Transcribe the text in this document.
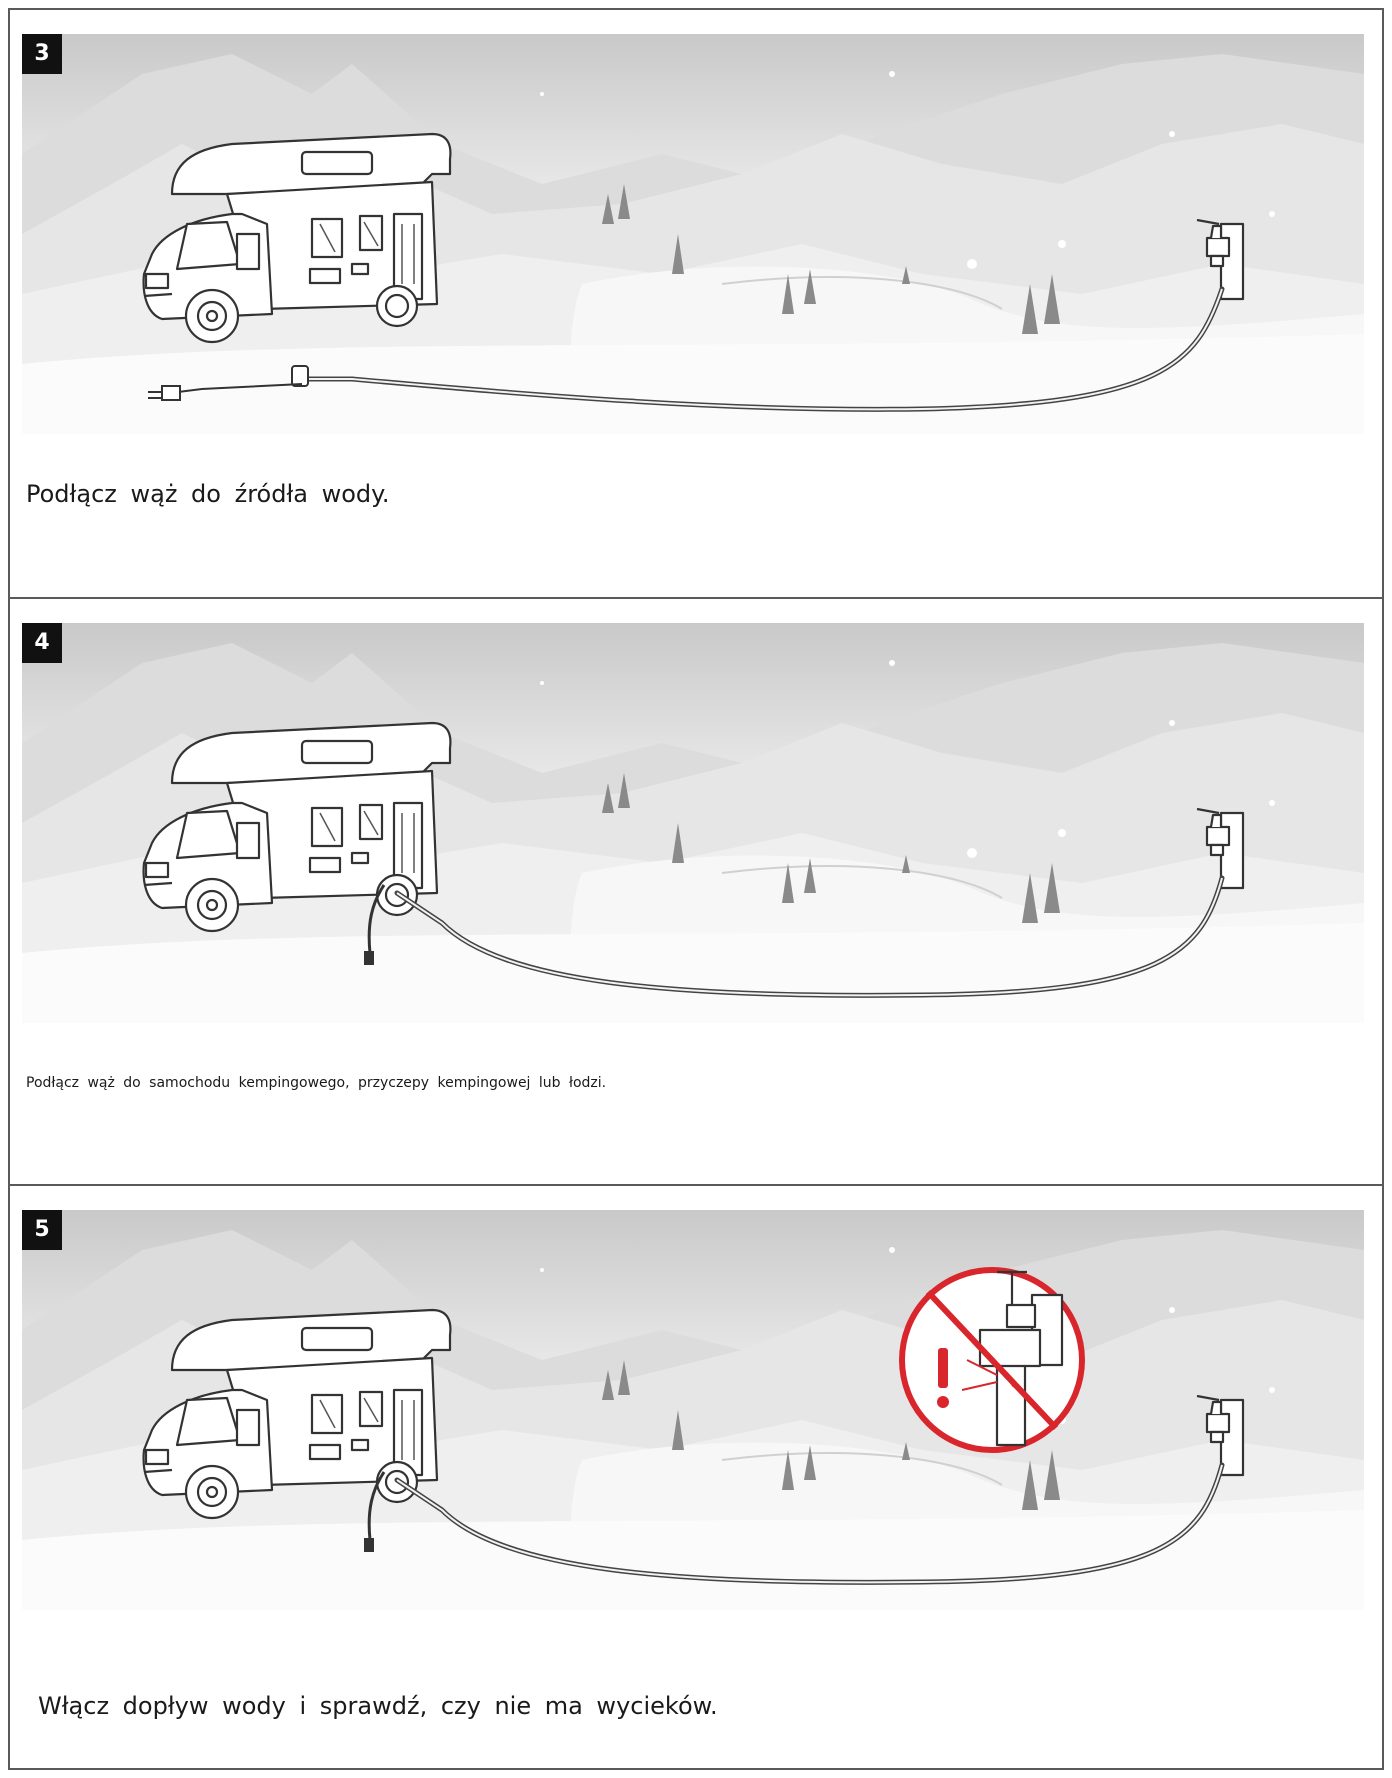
3
Podłącz wąż do źródła wody.
4
Podłącz wąż do samochodu kempingowego, przyczepy kempingowej lub łodzi.
5
Włącz dopływ wody i sprawdź, czy nie ma wycieków.
